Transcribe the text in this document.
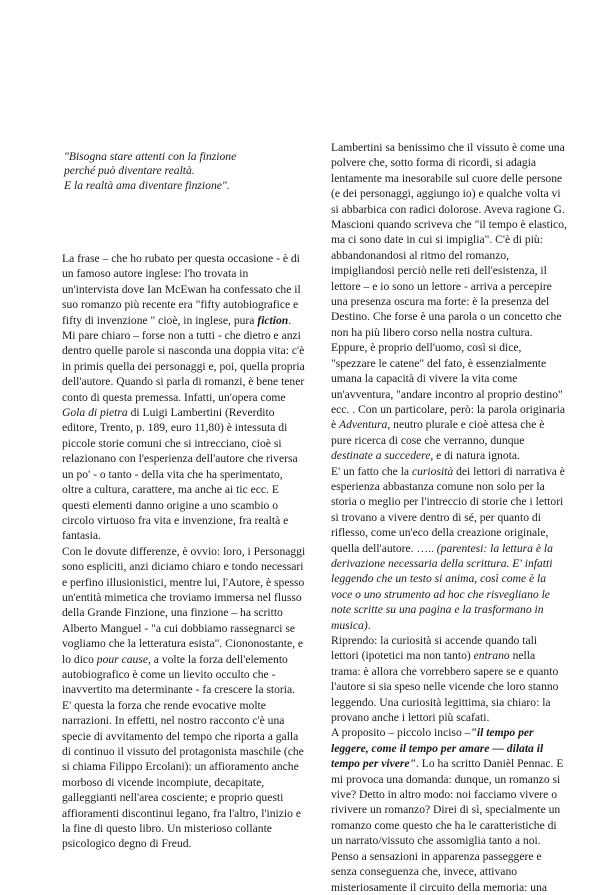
"Bisogna stare attenti con la finzione
perché può diventare realtà.
E la realtà ama diventare finzione".

La frase – che ho rubato per questa occasione - è di un famoso autore inglese: l'ho trovata in un'intervista dove Ian McEwan ha confessato che il suo romanzo più recente era "fifty autobiografice e fifty di invenzione " cioè, in inglese, pura fiction. Mi pare chiaro – forse non a tutti - che dietro e anzi dentro quelle parole si nasconda una doppia vita: c'è in primis quella dei personaggi e, poi, quella propria dell'autore. Quando si parla di romanzi, è bene tener conto di questa premessa. Infatti, un'opera come Gola di pietra di Luigi Lambertini (Reverdito editore, Trento, p. 189, euro 11,80) è intessuta di piccole storie comuni che si intrecciano, cioè si relazionano con l'esperienza dell'autore che riversa un po' - o tanto - della vita che ha sperimentato, oltre a cultura, carattere, ma anche ai tic ecc. E questi elementi danno origine a uno scambio o circolo virtuoso fra vita e invenzione, fra realtà e fantasia.

Con le dovute differenze, è ovvio: loro, i Personaggi sono espliciti, anzi diciamo chiaro e tondo necessari e perfino illusionistici, mentre lui, l'Autore, è spesso un'entità mimetica che troviamo immersa nel flusso della Grande Finzione, una finzione – ha scritto Alberto Manguel - "a cui dobbiamo rassegnarci se vogliamo che la letteratura esista". Ciononostante, e lo dico pour cause, a volte la forza dell'elemento autobiografico è come un lievito occulto che - inavvertito ma determinante - fa crescere la storia. E' questa la forza che rende evocative molte narrazioni. In effetti, nel nostro racconto c'è una specie di avvitamento del tempo che riporta a galla di continuo il vissuto del protagonista maschile (che si chiama Filippo Ercolani): un affioramento anche morboso di vicende incompiute, decapitate, galleggianti nell'area cosciente; e proprio questi affioramenti discontinui legano, fra l'altro, l'inizio e la fine di questo libro. Un misterioso collante psicologico degno di Freud.

Lambertini sa benissimo che il vissuto è come una polvere che, sotto forma di ricordi, si adagia lentamente ma inesorabile sul cuore delle persone (e dei personaggi, aggiungo io) e qualche volta vi si abbarbica con radici dolorose. Aveva ragione G. Mascioni quando scriveva che "il tempo è elastico, ma ci sono date in cui si impiglia". C'è di più: abbandonandosi al ritmo del romanzo, impigliandosi perciò nelle reti dell'esistenza, il lettore – e io sono un lettore - arriva a percepire una presenza oscura ma forte: è la presenza del Destino. Che forse è una parola o un concetto che non ha più libero corso nella nostra cultura. Eppure, è proprio dell'uomo, così si dice, "spezzare le catene" del fato, è essenzialmente umana la capacità di vivere la vita come un'avventura, "andare incontro al proprio destino" ecc. . Con un particolare, però: la parola originaria è Adventura, neutro plurale e cioè attesa che è pure ricerca di cose che verranno, dunque destinate a succedere, e di natura ignota.

E' un fatto che la curiosità dei lettori di narrativa è esperienza abbastanza comune non solo per la storia o meglio per l'intreccio di storie che i lettori si trovano a vivere dentro di sé, per quanto di riflesso, come un'eco della creazione originale, quella dell'autore. ….. (parentesi: la lettura è la derivazione necessaria della scrittura. E' infatti leggendo che un testo si anima, così come è la voce o uno strumento ad hoc che risvegliano le note scritte su una pagina e la trasformano in musica).

Riprendo: la curiosità si accende quando tali lettori (ipotetici ma non tanto) entrano nella trama: è allora che vorrebbero sapere se e quanto l'autore si sia speso nelle vicende che loro stanno leggendo. Una curiosità legittima, sia chiaro: la provano anche i lettori più scafati.

A proposito – piccolo inciso –"il tempo per leggere, come il tempo per amare — dilata il tempo per vivere". Lo ha scritto Danièl Pennac. E mi provoca una domanda: dunque, un romanzo si vive? Detto in altro modo: noi facciamo vivere o rivivere un romanzo? Direi di sì, specialmente un romanzo come questo che ha le caratteristiche di un narrato/vissuto che assomiglia tanto a noi. Penso a sensazioni in apparenza passeggere e senza conseguenza che, invece, attivano misteriosamente il circuito della memoria: una
